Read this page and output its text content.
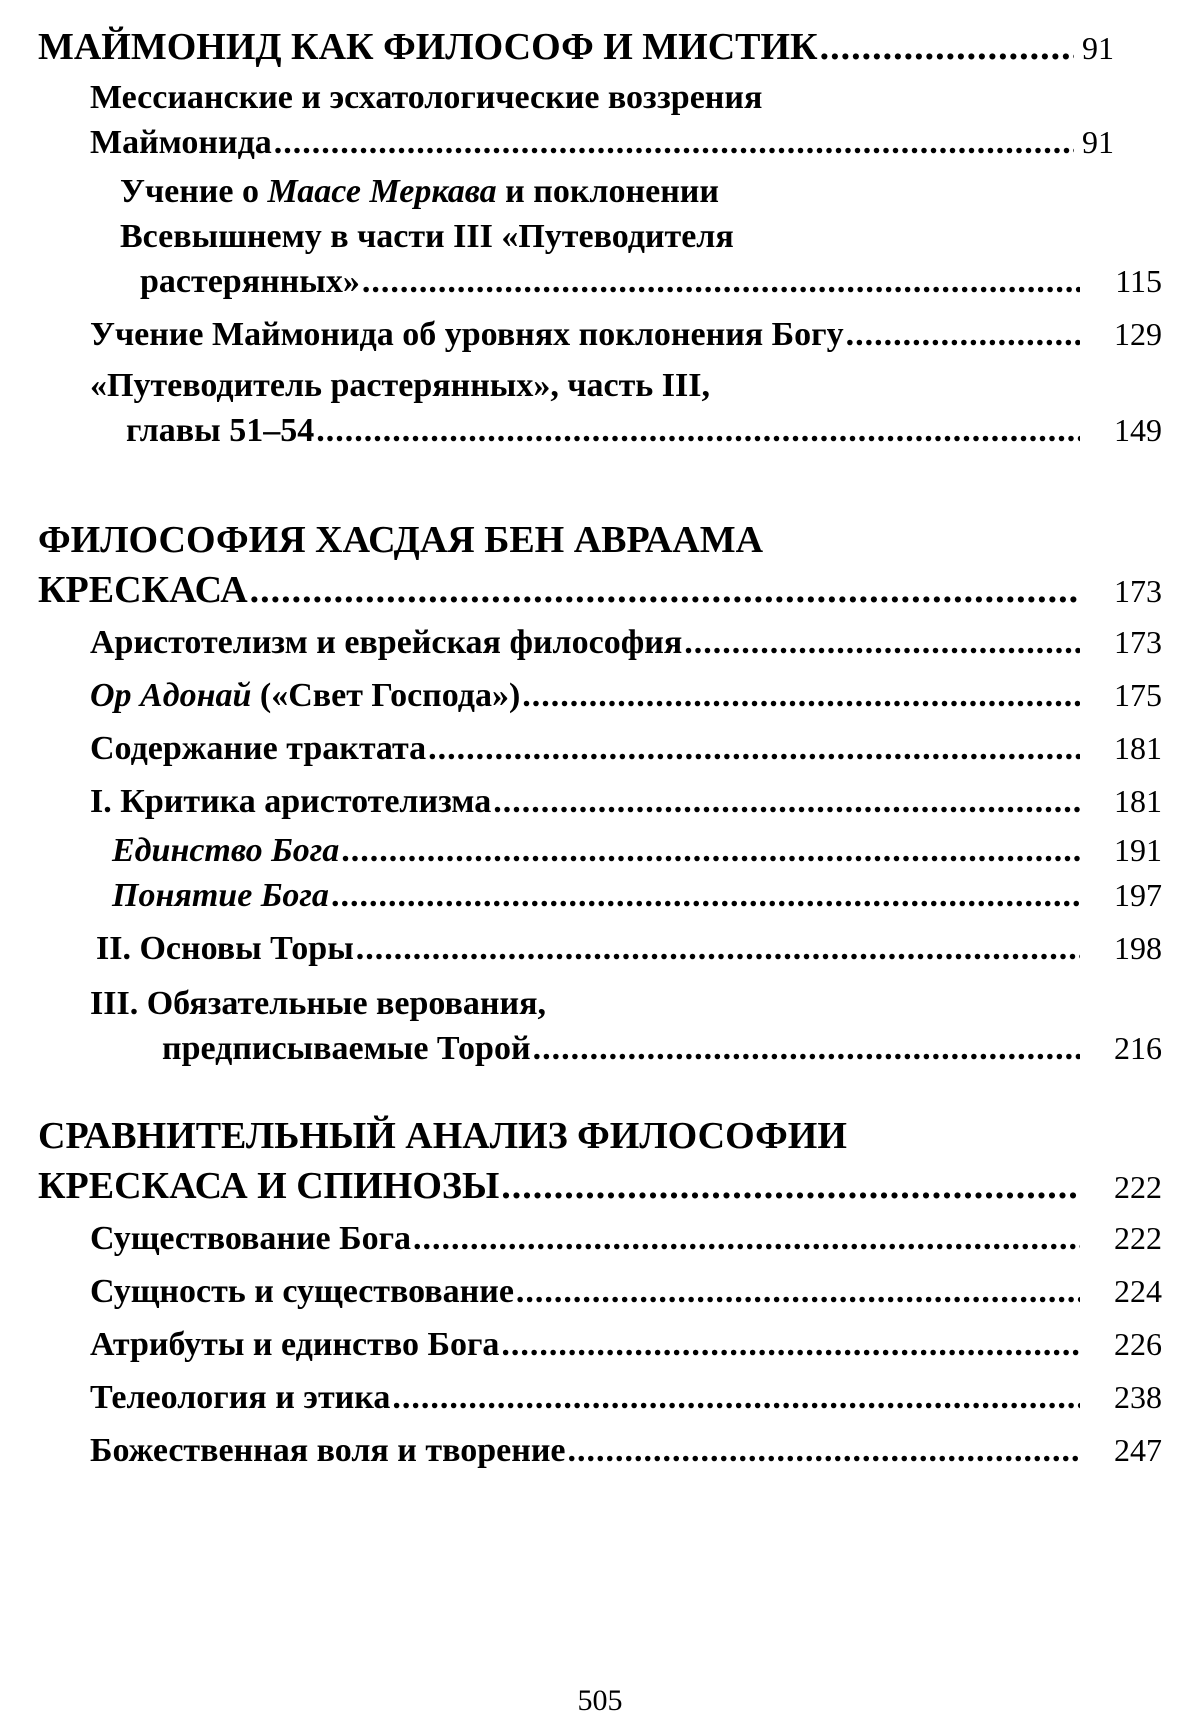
МАЙМОНИД КАК ФИЛОСОФ И МИСТИК .....	91
Мессианские и эсхатологические воззрения
Маймонида .....	91
Учение о Маасе Меркава и поклонении
Всевышнему в части III «Путеводителя
растерянных» .....	115
Учение Маймонида об уровнях поклонения Богу .....	129
«Путеводитель растерянных», часть III,
главы 51–54 .....	149
ФИЛОСОФИЯ ХАСДАЯ БЕН АВРААМА
КРЕСКАСА .....	173
Аристотелизм и еврейская философия .....	173
Ор Адонай («Свет Господа») .....	175
Содержание трактата .....	181
I. Критика аристотелизма .....	181
Единство Бога .....	191
Понятие Бога .....	197
II. Основы Торы .....	198
III. Обязательные верования,
предписываемые Торой .....	216
СРАВНИТЕЛЬНЫЙ АНАЛИЗ ФИЛОСОФИИ
КРЕСКАСА И СПИНОЗЫ .....	222
Существование Бога .....	222
Сущность и существование .....	224
Атрибуты и единство Бога .....	226
Телеология и этика .....	238
Божественная воля и творение .....	247
505
